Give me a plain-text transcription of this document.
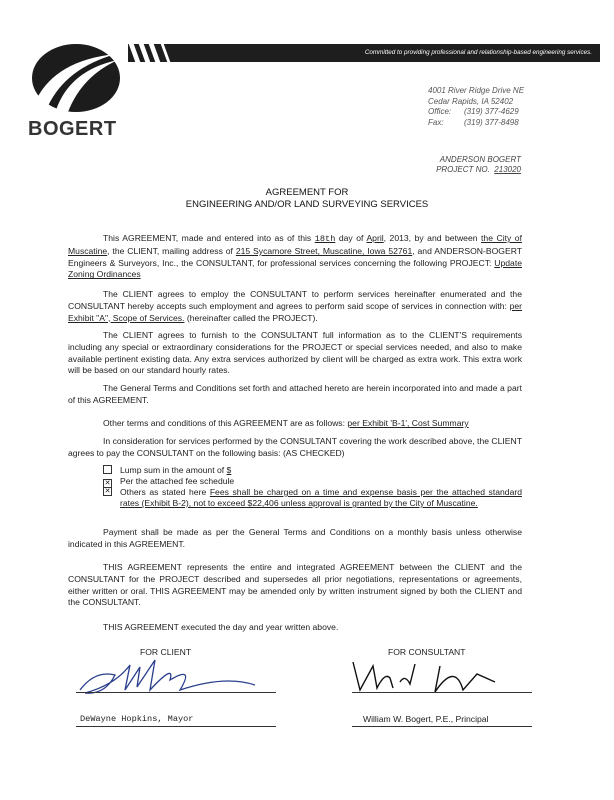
BOGERT
Committed to providing professional and relationship-based engineering services.
4001 River Ridge Drive NE
Cedar Rapids, IA 52402
Office: (319) 377-4629
Fax:	(319) 377-8498
ANDERSON BOGERT
PROJECT NO. 213020
AGREEMENT FOR
ENGINEERING AND/OR LAND SURVEYING SERVICES
This AGREEMENT, made and entered into as of this 18th day of April, 2013, by and between the City of Muscatine, the CLIENT, mailing address of 215 Sycamore Street, Muscatine, Iowa 52761, and ANDERSON-BOGERT Engineers & Surveyors, Inc., the CONSULTANT, for professional services concerning the following PROJECT: Update Zoning Ordinances
The CLIENT agrees to employ the CONSULTANT to perform services hereinafter enumerated and the CONSULTANT hereby accepts such employment and agrees to perform said scope of services in connection with: per Exhibit "A", Scope of Services. (hereinafter called the PROJECT).
The CLIENT agrees to furnish to the CONSULTANT full information as to the CLIENT'S requirements including any special or extraordinary considerations for the PROJECT or special services needed, and also to make available pertinent existing data. Any extra services authorized by client will be charged as extra work. This extra work will be based on our standard hourly rates.
The General Terms and Conditions set forth and attached hereto are herein incorporated into and made a part of this AGREEMENT.
Other terms and conditions of this AGREEMENT are as follows: per Exhibit 'B-1', Cost Summary
In consideration for services performed by the CONSULTANT covering the work described above, the CLIENT agrees to pay the CONSULTANT on the following basis: (AS CHECKED)
Lump sum in the amount of $
✕ Per the attached fee schedule
✕ Others as stated here Fees shall be charged on a time and expense basis per the attached standard rates (Exhibit B-2), not to exceed $22,406 unless approval is granted by the City of Muscatine.
Payment shall be made as per the General Terms and Conditions on a monthly basis unless otherwise indicated in this AGREEMENT.
THIS AGREEMENT represents the entire and integrated AGREEMENT between the CLIENT and the CONSULTANT for the PROJECT described and supersedes all prior negotiations, representations or agreements, either written or oral. THIS AGREEMENT may be amended only by written instrument signed by both the CLIENT and the CONSULTANT.
THIS AGREEMENT executed the day and year written above.
FOR CLIENT	FOR CONSULTANT
DeWayne Hopkins, Mayor	William W. Bogert, P.E., Principal
